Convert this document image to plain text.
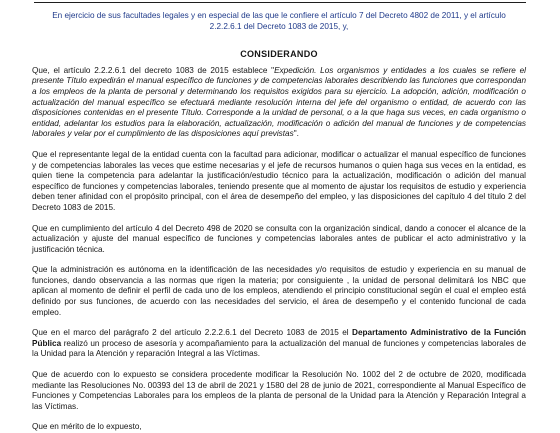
En ejercicio de sus facultades legales y en especial de las que le confiere el artículo 7 del Decreto 4802 de 2011, y el artículo 2.2.2.6.1 del Decreto 1083 de 2015, y,
CONSIDERANDO

Que, el artículo 2.2.2.6.1 del decreto 1083 de 2015 establece "Expedición. Los organismos y entidades a los cuales se refiere el presente Título expedirán el manual específico de funciones y de competencias laborales describiendo las funciones que correspondan a los empleos de la planta de personal y determinando los requisitos exigidos para su ejercicio. La adopción, adición, modificación o actualización del manual específico se efectuará mediante resolución interna del jefe del organismo o entidad, de acuerdo con las disposiciones contenidas en el presente Título. Corresponde a la unidad de personal, o a la que haga sus veces, en cada organismo o entidad, adelantar los estudios para la elaboración, actualización, modificación o adición del manual de funciones y de competencias laborales y velar por el cumplimiento de las disposiciones aquí previstas".

Que el representante legal de la entidad cuenta con la facultad para adicionar, modificar o actualizar el manual específico de funciones y de competencias laborales las veces que estime necesarias y el jefe de recursos humanos o quien haga sus veces en la entidad, es quien tiene la competencia para adelantar la justificación/estudio técnico para la actualización, modificación o adición del manual específico de funciones y competencias laborales, teniendo presente que al momento de ajustar los requisitos de estudio y experiencia deben tener afinidad con el propósito principal, con el área de desempeño del empleo, y las disposiciones del capítulo 4 del título 2 del Decreto 1083 de 2015.

Que en cumplimiento del artículo 4 del Decreto 498 de 2020 se consulta con la organización sindical, dando a conocer el alcance de la actualización y ajuste del manual específico de funciones y competencias laborales antes de publicar el acto administrativo y la justificación técnica.

Que la administración es autónoma en la identificación de las necesidades y/o requisitos de estudio y experiencia en su manual de funciones, dando observancia a las normas que rigen la materia; por consiguiente , la unidad de personal delimitará los NBC que aplican al momento de definir el perfil de cada uno de los empleos, atendiendo el principio constitucional según el cual el empleo está definido por sus funciones, de acuerdo con las necesidades del servicio, el área de desempeño y el contenido funcional de cada empleo.

Que en el marco del parágrafo 2 del artículo 2.2.2.6.1 del Decreto 1083 de 2015 el Departamento Administrativo de la Función Pública realizó un proceso de asesoría y acompañamiento para la actualización del manual de funciones y competencias laborales de la Unidad para la Atención y reparación Integral a las Víctimas.

Que de acuerdo con lo expuesto se considera procedente modificar la Resolución No. 1002 del 2 de octubre de 2020, modificada mediante las Resoluciones No. 00393 del 13 de abril de 2021 y 1580 del 28 de junio de 2021, correspondiente al Manual Específico de Funciones y Competencias Laborales para los empleos de la planta de personal de la Unidad para la Atención y Reparación Integral a las Víctimas.

Que en mérito de lo expuesto,
